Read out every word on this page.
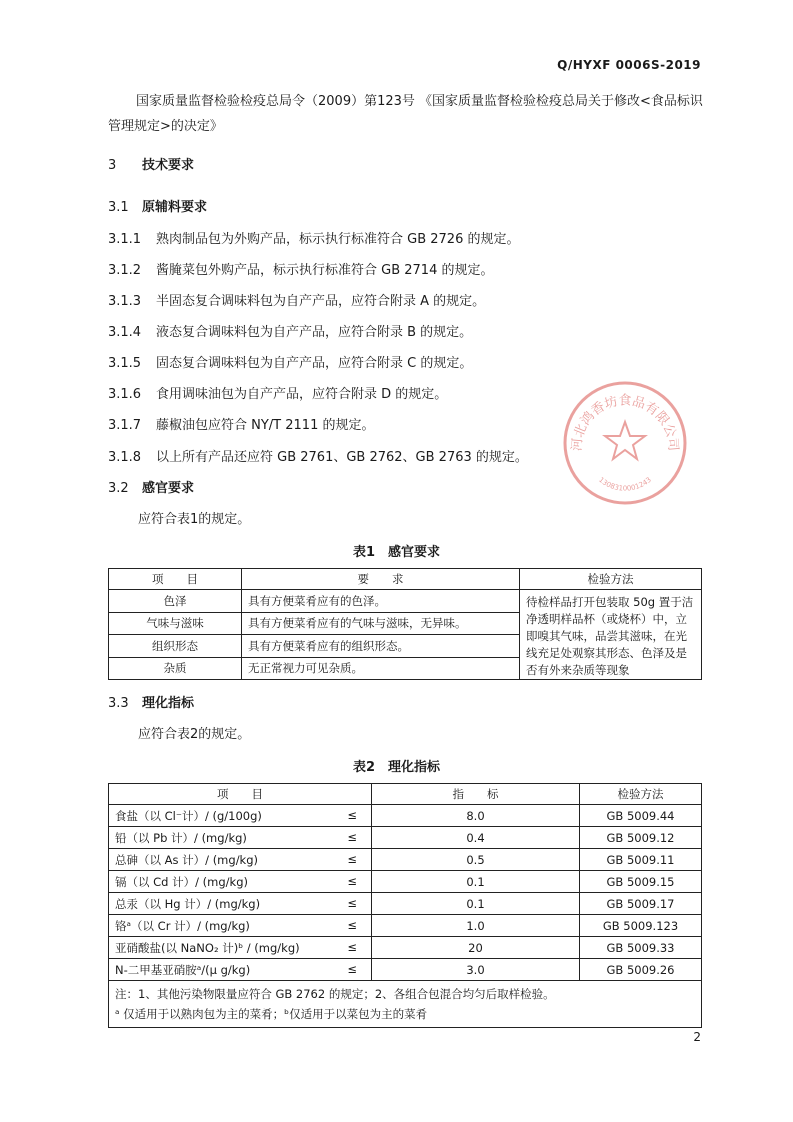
Q/HYXF 0006S-2019
国家质量监督检验检疫总局令（2009）第123号 《国家质量监督检验检疫总局关于修改<食品标识管理规定>的决定》
3 技术要求
3.1 原辅料要求
3.1.1 熟肉制品包为外购产品，标示执行标准符合 GB 2726 的规定。
3.1.2 酱腌菜包外购产品，标示执行标准符合 GB 2714 的规定。
3.1.3 半固态复合调味料包为自产产品，应符合附录 A 的规定。
3.1.4 液态复合调味料包为自产产品，应符合附录 B 的规定。
3.1.5 固态复合调味料包为自产产品，应符合附录 C 的规定。
3.1.6 食用调味油包为自产产品，应符合附录 D 的规定。
3.1.7 藤椒油包应符合 NY/T 2111 的规定。
3.1.8 以上所有产品还应符 GB 2761、GB 2762、GB 2763 的规定。
3.2 感官要求
应符合表1的规定。
表1　感官要求
项　　目	要　　求	检验方法
色泽	具有方便菜肴应有的色泽。	待检样品打开包装取 50g 置于洁净透明样品杯（或烧杯）中，立即嗅其气味，品尝其滋味，在光线充足处观察其形态、色泽及是否有外来杂质等现象
气味与滋味	具有方便菜肴应有的气味与滋味，无异味。	
组织形态	具有方便菜肴应有的组织形态。	
杂质	无正常视力可见杂质。	
3.3 理化指标
应符合表2的规定。
表2　理化指标
项　　目	指　　标	检验方法
食盐（以 Cl⁻计）/ (g/100g) ≤	8.0	GB 5009.44
铅（以 Pb 计）/ (mg/kg) ≤	0.4	GB 5009.12
总砷（以 As 计）/ (mg/kg) ≤	0.5	GB 5009.11
镉（以 Cd 计）/ (mg/kg) ≤	0.1	GB 5009.15
总汞（以 Hg 计）/ (mg/kg) ≤	0.1	GB 5009.17
铬ᵃ（以 Cr 计）/ (mg/kg) ≤	1.0	GB 5009.123
亚硝酸盐(以 NaNO₂ 计)ᵇ / (mg/kg) ≤	20	GB 5009.33
N-二甲基亚硝胺ᵃ/(μ g/kg) ≤	3.0	GB 5009.26

注：1、其他污染物限量应符合 GB 2762 的规定；2、各组合包混合均匀后取样检验。
ᵃ 仅适用于以熟肉包为主的菜肴；ᵇ仅适用于以菜包为主的菜肴		
河北鸿香坊食品有限公司
1308310001243
2
